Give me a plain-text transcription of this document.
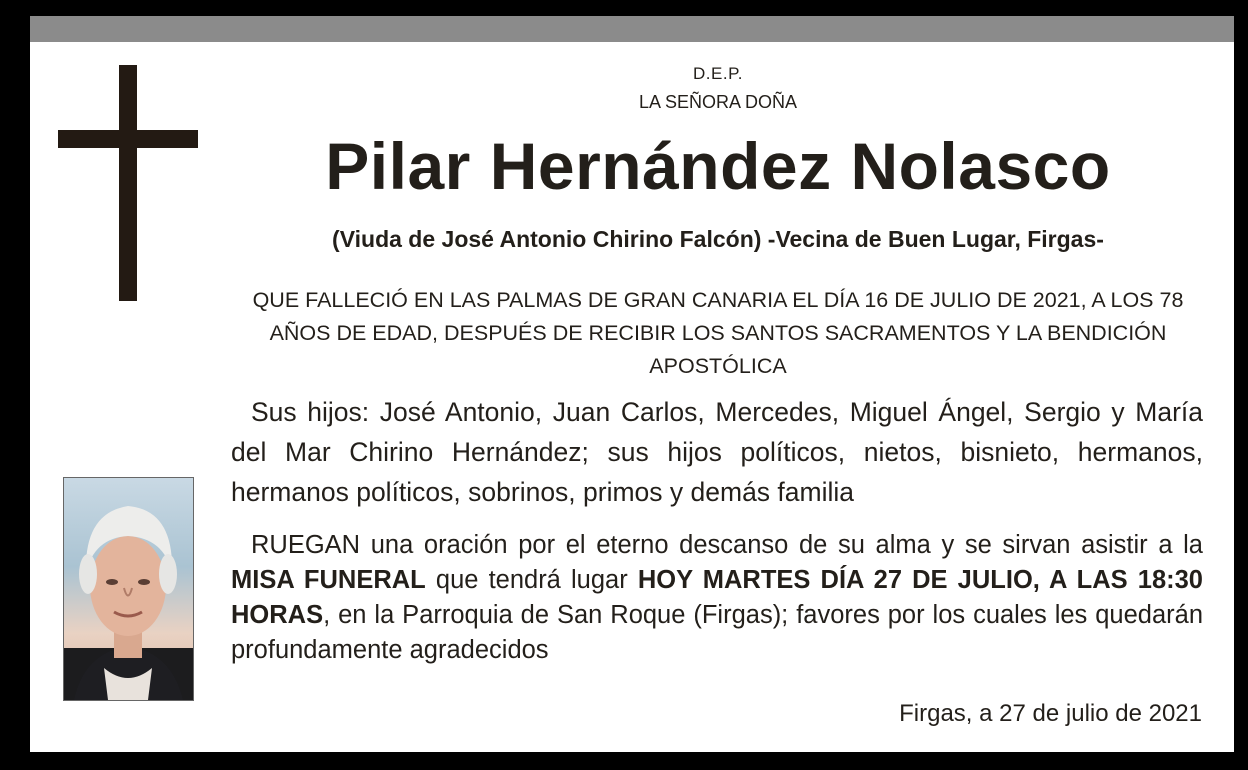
D.E.P.
LA SEÑORA DOÑA
Pilar Hernández Nolasco
(Viuda de José Antonio Chirino Falcón) -Vecina de Buen Lugar, Firgas-
QUE FALLECIÓ EN LAS PALMAS DE GRAN CANARIA EL DÍA 16 DE JULIO DE 2021, A LOS 78 AÑOS DE EDAD, DESPUÉS DE RECIBIR LOS SANTOS SACRAMENTOS Y LA BENDICIÓN APOSTÓLICA
Sus hijos: José Antonio, Juan Carlos, Mercedes, Miguel Ángel, Sergio y María del Mar Chirino Hernández; sus hijos políticos, nietos, bisnieto, hermanos, hermanos políticos, sobrinos, primos y demás familia
RUEGAN una oración por el eterno descanso de su alma y se sirvan asistir a la MISA FUNERAL que tendrá lugar HOY MARTES DÍA 27 DE JULIO, A LAS 18:30 HORAS, en la Parroquia de San Roque (Firgas); favores por los cuales les quedarán profundamente agradecidos
Firgas, a 27 de julio de 2021
